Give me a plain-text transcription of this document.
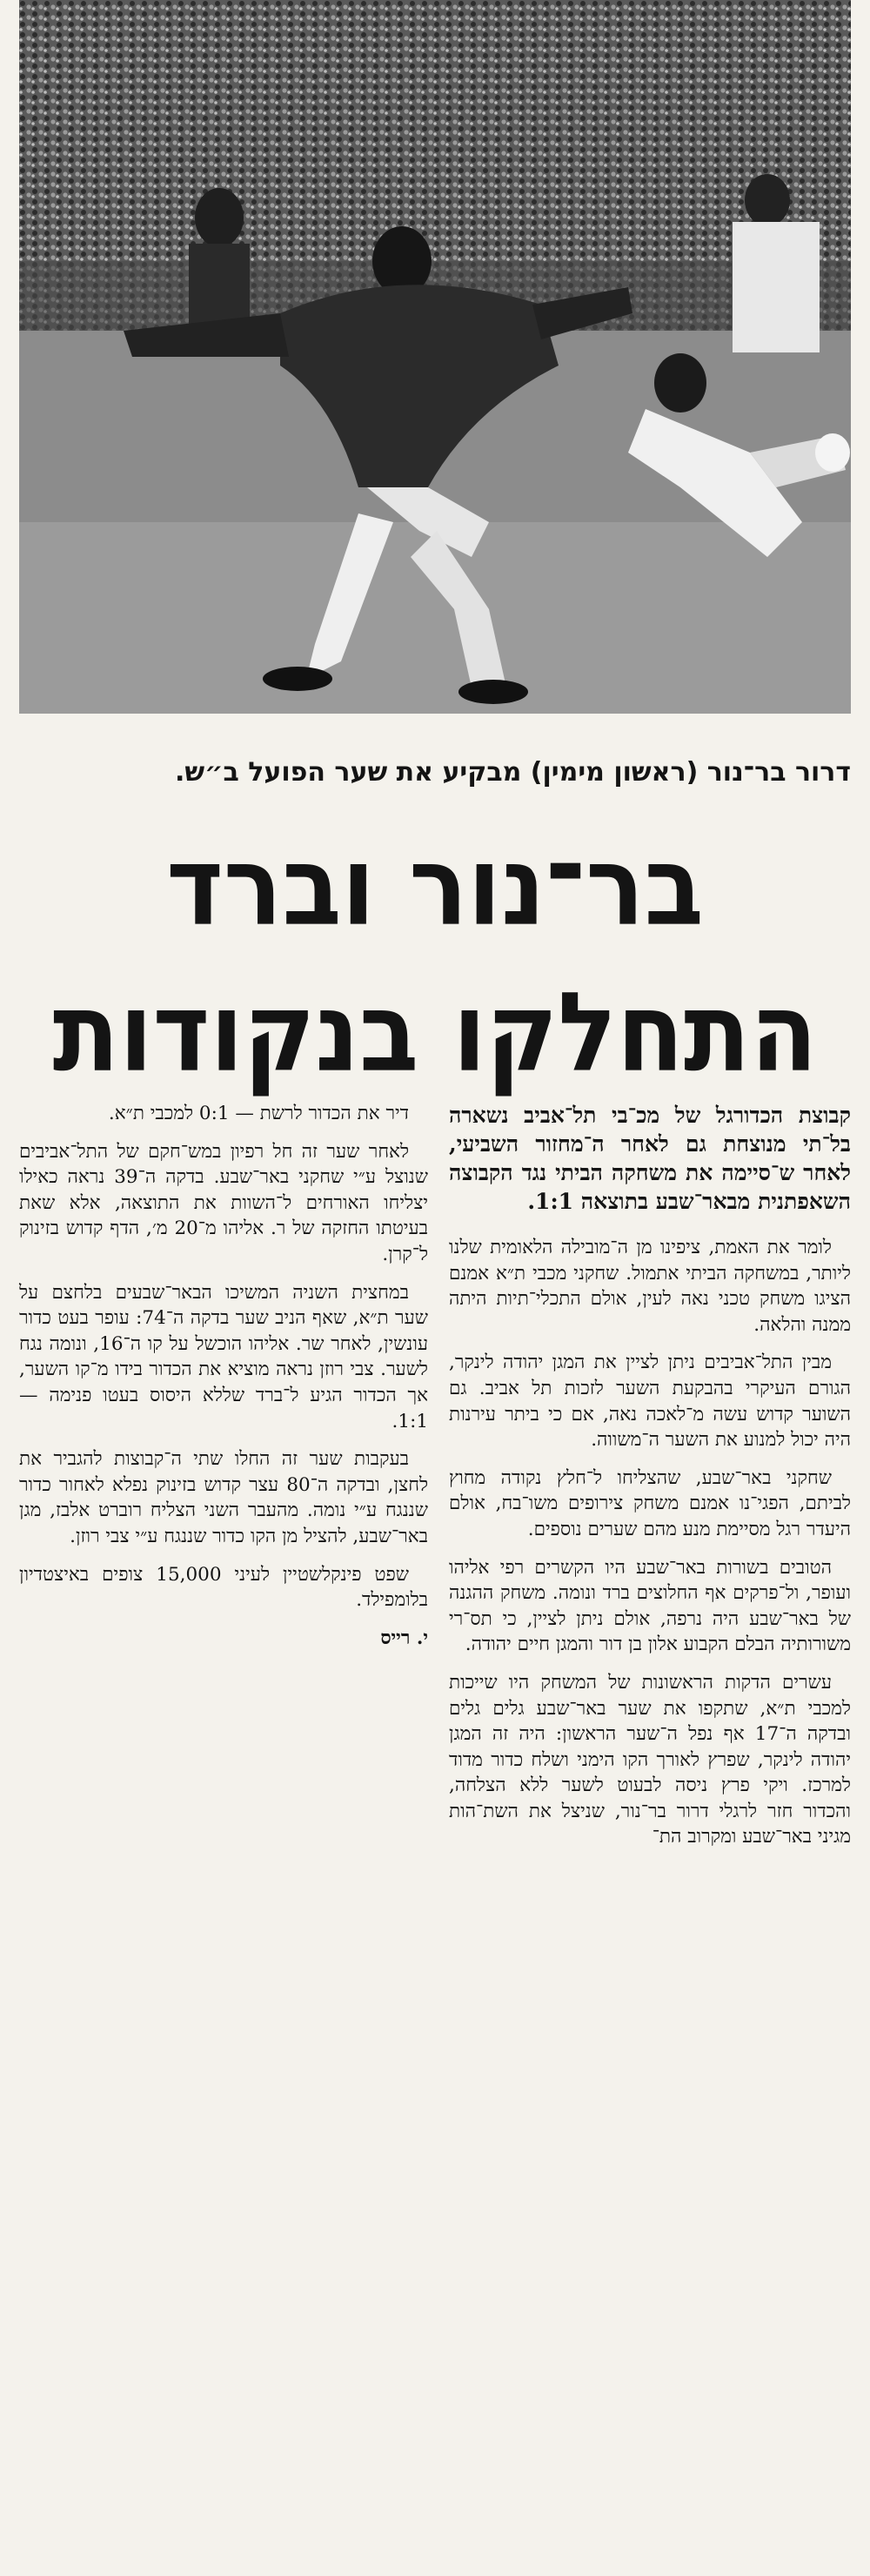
דרור בר־נור (ראשון מימין) מבקיע את שער הפועל ב״ש.
בר־נור וברד
התחלקו בנקודות

קבוצת הכדורגל של מכ־בי תל־אביב נשארה בל־תי מנוצחת גם לאחר ה־מחזור השביעי, לאחר ש־סיימה את משחקה הביתי נגד הקבוצה השאפתנית מבאר־שבע בתוצאה 1:1.

לומר את האמת, ציפינו מן ה־מובילה הלאומית שלנו ליותר, במשחקה הביתי אתמול. שחקני מכבי ת״א אמנם הציגו משחק טכני נאה לעין, אולם התכלי־תיות היתה ממנה והלאה.

מבין התל־אביבים ניתן לציין את המגן יהודה לינקר, הגורם העיקרי בהבקעת השער לזכות תל אביב. גם השוער קדוש עשה מ־לאכה נאה, אם כי ביתר עירנות היה יכול למנוע את השער ה־משווה.

שחקני באר־שבע, שהצליחו ל־חלץ נקודה מחוץ לביתם, הפגי־נו אמנם משחק צירופים משו־בח, אולם היעדר רגל מסיימת מנע מהם שערים נוספים.

הטובים בשורות באר־שבע היו הקשרים רפי אליהו ועופר, ול־פרקים אף החלוצים ברד ונומה. משחק ההגנה של באר־שבע היה נרפה, אולם ניתן לציין, כי תס־רי משורותיה הבלם הקבוע אלון בן דור והמגן חיים יהודה.

עשרים הדקות הראשונות של המשחק היו שייכות למכבי ת״א, שתקפו את שער באר־שבע גלים גלים ובדקה ה־17 אף נפל ה־שער הראשון: היה זה המגן יהודה לינקר, שפרץ לאורך הקו הימני ושלח כדור מדוד למרכז. ויקי פרץ ניסה לבעוט לשער ללא הצלחה, והכדור חזר לרגלי דרור בר־נור, שניצל את השת־הות מגיני באר־שבע ומקרוב הת־

דיר את הכדור לרשת — 0:1 למכבי ת״א.

לאחר שער זה חל רפיון במש־חקם של התל־אביבים שנוצל ע״י שחקני באר־שבע. בדקה ה־39 נראה כאילו יצליחו האורחים ל־השוות את התוצאה, אלא שאת בעיטתו החזקה של ר. אליהו מ־20 מ׳, הדף קדוש בזינוק ל־קרן.

במחצית השניה המשיכו הבאר־שבעים בלחצם על שער ת״א, שאף הניב שער בדקה ה־74: עופר בעט כדור עונשין, לאחר שר. אליהו הוכשל על קו ה־16, ונומה נגח לשער. צבי רוזן נראה מוציא את הכדור בידו מ־קו השער, אך הכדור הגיע ל־ברד שללא היסוס בעטו פנימה — 1:1.

בעקבות שער זה החלו שתי ה־קבוצות להגביר את לחצן, ובדקה ה־80 עצר קדוש בזינוק נפלא לאחור כדור שננגח ע״י נומה. מהעבר השני הצליח רוברט אלבז, מגן באר־שבע, להציל מן הקו כדור שננגח ע״י צבי רוזן.

שפט פינקלשטיין לעיני 15,000 צופים באיצטדיון בלומפילד.

י. רייס
